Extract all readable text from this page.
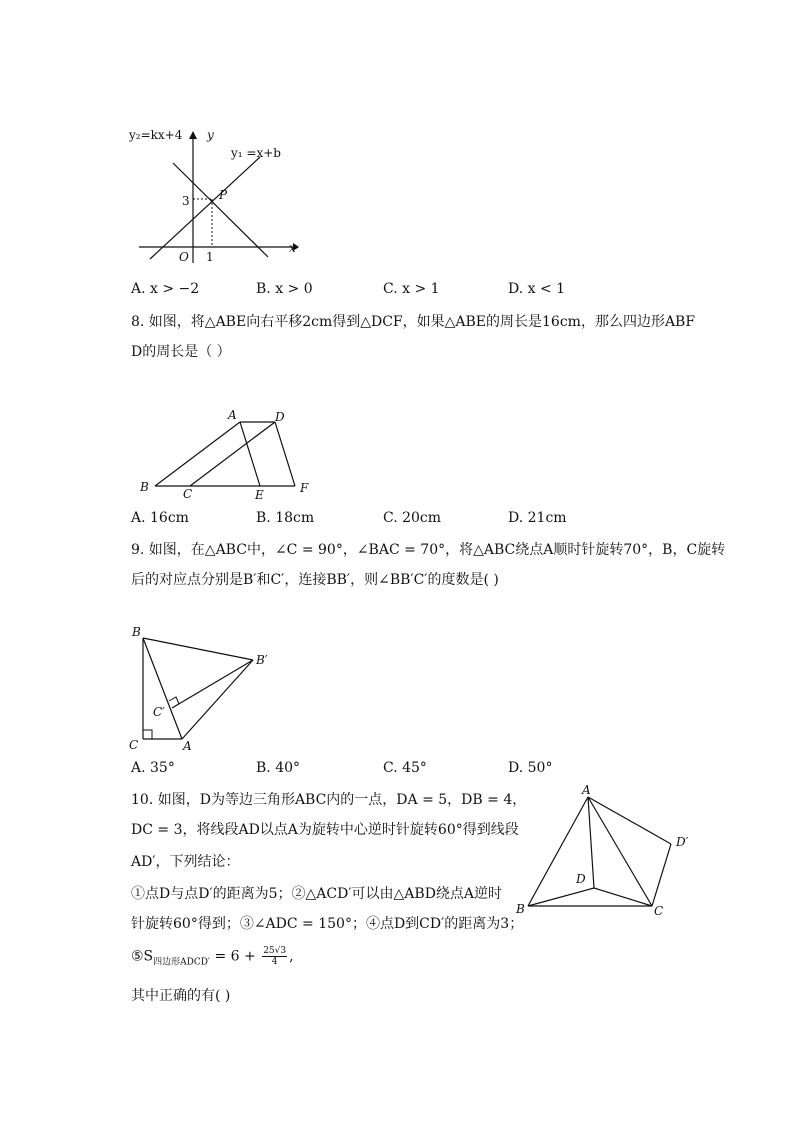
y₂=kx+4 y
y₁ =x+b
P
3
x
O 1
A. x > −2	B. x > 0	C. x > 1	D. x < 1
8. 如图，将△ABE向右平移2cm得到△DCF，如果△ABE的周长是16cm，那么四边形ABF
D的周长是（ ）
A	D
B	C	E	F
A. 16cm	B. 18cm	C. 20cm	D. 21cm
9. 如图，在△ABC中，∠C = 90°，∠BAC = 70°，将△ABC绕点A顺时针旋转70°，B，C旋转
后的对应点分别是B′和C′，连接BB′，则∠BB′C′的度数是( )
B
B′
C′
C	A
A. 35°	B. 40°	C. 45°	D. 50°
10. 如图，D为等边三角形ABC内的一点，DA = 5，DB = 4，
DC = 3，将线段AD以点A为旋转中心逆时针旋转60°得到线段
AD′，下列结论：
①点D与点D′的距离为5；②△ACD′可以由△ABD绕点A逆时
针旋转60°得到；③∠ADC = 150°；④点D到CD′的距离为3；
$⑤S_{四边形ADCD'} = 6 + \frac{25√3}{4}$ ,
其中正确的有( )
A
D′
D
B	C
